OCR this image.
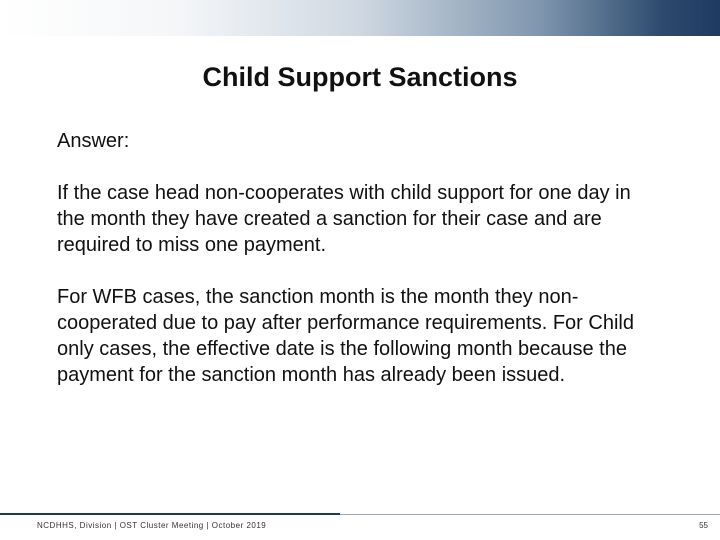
Child Support Sanctions

Answer:

If the case head non-cooperates with child support for one day in the month they have created a sanction for their case and are required to miss one payment.

For WFB cases, the sanction month is the month they non-cooperated due to pay after performance requirements. For Child only cases, the effective date is the following month because the payment for the sanction month has already been issued.

NCDHHS, Division | OST Cluster Meeting | October 2019	55
